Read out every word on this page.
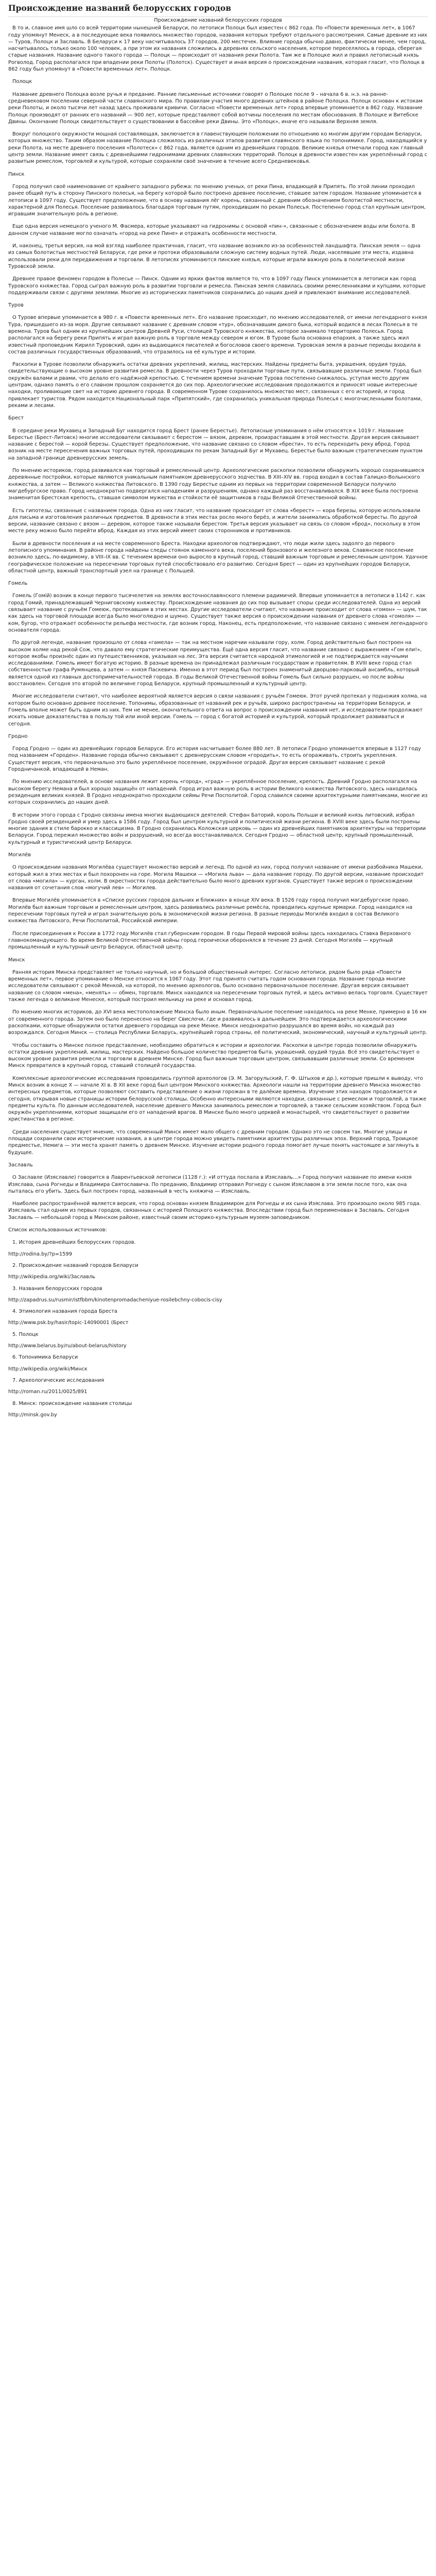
Происхождение названий белорусских городов
Происхождение названий белорусских городов

В то и, славное имя шло со всей территории нынешней Беларуси, по летописи Полоцк был известен с 862 года. По «Повести временных лет», в 1067 году упомянут Менеск, а в последующие века появилось множество городов, названия которых требуют отдельного рассмотрения. Самые древние из них — Туров, Полоцк и Заславль. В Беларуси к 17 веку насчитывалось 37 городов, 200 местечек. Влияние города обычно давно, фактически менее, чем город, насчитывалось только около 100 человек, а при этом их названия сложились в деревнях сельского населения, которое переселялось в города, сберегая старые названия. Название одного такого города — Полоцк — происходит от названия реки Полота. Там же в Полоцке жил и правил летописный князь Рогволод. Город располагался при впадении реки Полоты (Полотск). Существует и иная версия о происхождении названия, которая гласит, что Полоцк в 862 году был упомянут в «Повести временных лет». Полоцк.

Полоцк

Название древнего Полоцка возле ручья и предание. Ранние письменные источники говорят о Полоцке после 9 – начала 6 в. н.э. на ранне-средневековом поселении северной части славянского мира. По правилам участия много древних штейнов в районе Полоцка. Полоцк основан к истокам реки Полоты, и около тысячи лет назад здесь проживали кривичи. Согласно «Повести временных лет» город впервые упоминается в 862 году. Название Полоцк производят от ранних его названий — 900 лет, которые представляют собой вотчины поселения по местам обоснования. В Полоцке и Витебске Двины. Окончание Полоцк свидетельствует о существовании в бассейне реки Двины. Это «Полоцк», иначе его называли Верхняя земля.

Вокруг полоцкого окружности мощная составляющая, заключается в главенствующем положении по отношению ко многим другим городам Беларуси, которых множество. Таким образом название Полоцка сложилось из различных этапов развития славянского языка по топонимике. Город, находящийся у реки Полота, на месте древнего поселения «Полотеск» с 862 года, является одним из древнейших городов. Великие князья отмечали город как главный центр земли. Название имеет связь с древнейшими гидронимами древних славянских территорий. Полоцк в древности известен как укреплённый город с развитым ремеслом, торговлей и культурой, которые сохраняли своё значение в течение всего Средневековья.

Пинск

Город получил своё наименование от крайнего западного рубежа: по мнению ученых, от реки Пина, впадающей в Припять. По этой линии проходил ранее общий путь в сторону Пинского полесья, на берегу которой было построено древнее поселение, ставшее затем городом. Название упоминается в летописи в 1097 году. Существует предположение, что в основу названия лёг корень, связанный с древним обозначением болотистой местности, характерной для Полесья. Поселение развивалось благодаря торговым путям, проходившим по рекам Полесья. Постепенно город стал крупным центром, игравшим значительную роль в регионе.

Еще одна версия немецкого ученого М. Фасмера, которые указывают на гидронимы с основой «пин-», связанные с обозначением воды или болота. В данном случае название могло означать «город на реке Пине» и отражать особенности местности.

И, наконец, третья версия, на мой взгляд наиболее практичная, гласит, что название возникло из-за особенностей ландшафта. Пинская земля — одна из самых болотистых местностей Беларуси, где реки и протоки образовывали сложную систему водных путей. Люди, населявшие эти места, издавна использовали реки для передвижения и торговли. В летописях упоминаются пинские князья, которые играли важную роль в политической жизни Туровской земли.

Древнее правое феномен городом в Полесье — Пинск. Одним из ярких фактов является то, что в 1097 году Пинск упоминается в летописи как город Туровского княжества. Город сыграл важную роль в развитии торговли и ремесла. Пинская земля славилась своими ремесленниками и купцами, которые поддерживали связи с другими землями. Многие из исторических памятников сохранились до наших дней и привлекают внимание исследователей.

Туров

О Турове впервые упоминается в 980 г. в «Повести временных лет». Его название происходит, по мнению исследователей, от имени легендарного князя Тура, пришедшего из-за моря. Другие связывают название с древним словом «тур», обозначавшим дикого быка, который водился в лесах Полесья в те времена. Туров был одним из крупнейших центров Древней Руси, столицей Туровского княжества, которое занимало территорию Полесья. Город располагался на берегу реки Припять и играл важную роль в торговле между севером и югом. В Турове была основана епархия, а также здесь жил известный проповедник Кирилл Туровский, один из выдающихся писателей и богословов своего времени. Туровская земля в разные периоды входила в состав различных государственных образований, что отразилось на её культуре и истории.

Раскопки в Турове позволили обнаружить остатки древних укреплений, жилищ, мастерских. Найдены предметы быта, украшения, орудия труда, свидетельствующие о высоком уровне развития ремесла. В древности через Туров проходили торговые пути, связывавшие различные земли. Город был окружён валами и рвами, что делало его надёжной крепостью. С течением времени значение Турова постепенно снижалось, уступая место другим центрам, однако память о его славном прошлом сохраняется до сих пор. Археологические исследования продолжаются и приносят новые интересные находки, проливающие свет на историю древнего города. В современном Турове сохранилось множество мест, связанных с его историей, и город привлекает туристов. Рядом находится Национальный парк «Припятский», где сохранилась уникальная природа Полесья с многочисленными болотами, реками и лесами.

Брест

В середине реки Мухавец и Западный Буг находится город Брест (ранее Берестье). Летописные упоминания о нём относятся к 1019 г. Название Берестье (Брест-Литовск) многие исследователи связывают с берестом — вязом, деревом, произраставшим в этой местности. Другая версия связывает название с берестой — корой березы. Существует предположение, что название связано со словом «брести», то есть переходить реку вброд. Город возник на месте пересечения важных торговых путей, проходивших по рекам Западный Буг и Мухавец. Берестье было важным стратегическим пунктом на западной границе древнерусских земель.

По мнению историков, город развивался как торговый и ремесленный центр. Археологические раскопки позволили обнаружить хорошо сохранившиеся деревянные постройки, которые являются уникальным памятником древнерусского зодчества. В XIII–XIV вв. город входил в состав Галицко-Волынского княжества, а затем — Великого княжества Литовского. В 1390 году Берестье одним из первых на территории современной Беларуси получило магдебургское право. Город неоднократно подвергался нападениям и разрушениям, однако каждый раз восстанавливался. В XIX веке была построена знаменитая Брестская крепость, ставшая символом мужества и стойкости её защитников в годы Великой Отечественной войны.

Есть гипотезы, связанные с названием города. Одна из них гласит, что название происходит от слова «берест» — кора березы, которую использовали для письма и изготовления различных предметов. В древности в этих местах росло много берёз, и жители занимались обработкой бересты. По другой версии, название связано с вязом — деревом, которое также называли берестом. Третья версия указывает на связь со словом «брод», поскольку в этом месте реку можно было перейти вброд. Каждая из этих версий имеет своих сторонников и противников.

Были в древности поселения и на месте современного Бреста. Находки археологов подтверждают, что люди жили здесь задолго до первого летописного упоминания. В районе города найдены следы стоянок каменного века, поселений бронзового и железного веков. Славянское поселение возникло здесь, по-видимому, в VIII–IX вв. С течением времени оно выросло в крупный город, ставший важным торговым и ремесленным центром. Удачное географическое положение на пересечении торговых путей способствовало его развитию. Сегодня Брест — один из крупнейших городов Беларуси, областной центр, важный транспортный узел на границе с Польшей.

Гомель

Гомель (Гомій) возник в конце первого тысячелетия на землях восточнославянского племени радимичей. Впервые упоминается в летописи в 1142 г. как город Гомий, принадлежавший Черниговскому княжеству. Происхождение названия до сих пор вызывает споры среди исследователей. Одна из версий связывает название с ручьём Гомеюк, протекавшим в этих местах. Другие исследователи считают, что название происходит от слова «гомон» — шум, так как здесь на торговой площади всегда было многолюдно и шумно. Существует также версия о происхождении названия от древнего слова «гомоля» — ком, бугор, что отражает особенности рельефа местности, где возник город. Наконец, есть предположение, что название связано с именем легендарного основателя города.

По другой легенде, название произошло от слова «гамела» — так на местном наречии называли гору, холм. Город действительно был построен на высоком холме над рекой Сож, что давало ему стратегические преимущества. Ещё одна версия гласит, что название связано с выражением «Гом ели!», которое якобы произнёс один из путешественников, указывая на лес. Эта версия считается народной этимологией и не подтверждается научными исследованиями. Гомель имеет богатую историю. В разные времена он принадлежал различным государствам и правителям. В XVIII веке город стал собственностью графа Румянцева, а затем — князя Паскевича. Именно в этот период был построен знаменитый дворцово-парковый ансамбль, который является одной из главных достопримечательностей города. В годы Великой Отечественной войны Гомель был сильно разрушен, но после войны восстановлен. Сегодня это второй по величине город Беларуси, крупный промышленный и культурный центр.

Многие исследователи считают, что наиболее вероятной является версия о связи названия с ручьём Гомеюк. Этот ручей протекал у подножия холма, на котором было основано древнее поселение. Топонимы, образованные от названий рек и ручьёв, широко распространены на территории Беларуси, и Гомель вполне может быть одним из них. Тем не менее, окончательного ответа на вопрос о происхождении названия нет, и исследователи продолжают искать новые доказательства в пользу той или иной версии. Гомель — город с богатой историей и культурой, который продолжает развиваться и сегодня.

Гродно

Город Гродно — один из древнейших городов Беларуси. Его история насчитывает более 880 лет. В летописи Гродно упоминается впервые в 1127 году под названием «Городен». Название города обычно связывают с древнерусским словом «городить», то есть огораживать, строить укрепления. Существует версия, что первоначально это было укреплённое поселение, окружённое оградой. Другая версия связывает название с рекой Городничанкой, впадающей в Неман.

По мнению исследователей, в основе названия лежит корень «город», «град» — укреплённое поселение, крепость. Древний Гродно располагался на высоком берегу Немана и был хорошо защищён от нападений. Город играл важную роль в истории Великого княжества Литовского, здесь находилась резиденция великих князей. В Гродно неоднократно проходили сеймы Речи Посполитой. Город славился своими архитектурными памятниками, многие из которых сохранились до наших дней.

В истории этого города с Гродно связаны имена многих выдающихся деятелей. Стефан Баторий, король Польши и великий князь литовский, избрал Гродно своей резиденцией и умер здесь в 1586 году. Город был центром культурной и политической жизни региона. В XVIII веке здесь были построены многие здания в стиле барокко и классицизма. В Гродно сохранилась Коложская церковь — один из древнейших памятников архитектуры на территории Беларуси. Город пережил множество войн и разрушений, но всегда восстанавливался. Сегодня Гродно — областной центр, крупный промышленный, культурный и туристический центр Беларуси.

Могилёв

О происхождении названия Могилёва существует множество версий и легенд. По одной из них, город получил название от имени разбойника Машеки, который жил в этих местах и был похоронен на горе. Могила Машеки — «Могила льва» — дала название городу. По другой версии, название происходит от слова «могила» — курган, холм. В окрестностях города действительно было много древних курганов. Существует также версия о происхождении названия от сочетания слов «могучий лев» — Могилев.

Впервые Могилёв упоминается в «Списке русских городов дальних и ближних» в конце XIV века. В 1526 году город получил магдебургское право. Могилёв был важным торговым и ремесленным центром, здесь развивались различные ремёсла, проводились крупные ярмарки. Город находился на пересечении торговых путей и играл значительную роль в экономической жизни региона. В разные периоды Могилёв входил в состав Великого княжества Литовского, Речи Посполитой, Российской империи.

После присоединения к России в 1772 году Могилёв стал губернским городом. В годы Первой мировой войны здесь находилась Ставка Верховного главнокомандующего. Во время Великой Отечественной войны город героически оборонялся в течение 23 дней. Сегодня Могилёв — крупный промышленный и культурный центр Беларуси, областной центр.

Минск

Ранняя история Минска представляет не только научный, но и большой общественный интерес. Согласно летописи, рядом было ряда «Повести временных лет», первое упоминание о Менске относится к 1067 году. Этот год принято считать годом основания города. Название города многие исследователи связывают с рекой Менкой, на которой, по мнению археологов, было основано первоначальное поселение. Другая версия связывает название со словом «мена», «менять» — обмен, торговля. Минск находился на пересечении торговых путей, и здесь активно велась торговля. Существует также легенда о великане Менеске, который построил мельницу на реке и основал город.

По мнению многих историков, до XVI века местоположение Минска было иным. Первоначальное поселение находилось на реке Менке, примерно в 16 км от современного города. Затем оно было перенесено на берег Свислочи, где и развивалось в дальнейшем. Это подтверждается археологическими раскопками, которые обнаружили остатки древнего городища на реке Менке. Минск неоднократно разрушался во время войн, но каждый раз возрождался. Сегодня Минск — столица Республики Беларусь, крупнейший город страны, её политический, экономический, научный и культурный центр.

Чтобы составить о Минске полное представление, необходимо обратиться к истории и археологии. Раскопки в центре города позволили обнаружить остатки древних укреплений, жилищ, мастерских. Найдено большое количество предметов быта, украшений, орудий труда. Всё это свидетельствует о высоком уровне развития ремесла и торговли в древнем Минске. Город был важным торговым центром, связывавшим различные земли. Со временем Минск превратился в крупный город, ставший столицей государства.

Комплексные археологические исследования проводились группой археологов (Э. М. Загорульский, Г. Ф. Штыхов и др.), которые пришли к выводу, что Минск возник в конце X — начале XI в. В XII веке город был центром Минского княжества. Археологи нашли на территории древнего Минска множество интересных предметов, которые позволяют составить представление о жизни горожан в те далёкие времена. Изучение этих находок продолжается и сегодня, открывая новые страницы истории белорусской столицы. Особенно интересными являются находки, связанные с ремеслом и торговлей, а также предметы культа. По данным исследователей, население древнего Минска занималось ремеслом и торговлей, а также сельским хозяйством. Город был окружён укреплениями, которые защищали его от нападений врагов. В Минске было много церквей и монастырей, что свидетельствует о развитии христианства в регионе.

Среди населения существует мнение, что современный Минск имеет мало общего с древним городом. Однако это не совсем так. Многие улицы и площади сохранили свои исторические названия, а в центре города можно увидеть памятники архитектуры различных эпох. Верхний город, Троицкое предместье, Немига — эти места хранят память о древнем Минске. Изучение истории родного города помогает лучше понять настоящее и заглянуть в будущее.

Заславль

О Заславле (Изяславле) говорится в Лаврентьевской летописи (1128 г.): «И оттуда послала в Изяславль…» Город получил название по имени князя Изяслава, сына Рогнеды и Владимира Святославича. По преданию, Владимир отправил Рогнеду с сыном Изяславом в эти земли после того, как она пыталась его убить. Здесь был построен город, названный в честь княжича — Изяславль.

Наиболее распространённой является версия, что город основан князем Владимиром для Рогнеды и их сына Изяслава. Это произошло около 985 года. Изяславль стал одним из первых городов, связанных с историей Полоцкого княжества. Впоследствии город был переименован в Заславль. Сегодня Заславль — небольшой город в Минском районе, известный своим историко-культурным музеем-заповедником.

Список использованных источников:
1. История древнейших белорусских городов.
http://rodina.by/?p=1599
2. Происхождение названий городов Беларуси
http://wikipedia.org/wiki/Заславль
3. Названия белорусских городов
http://zapadrus.su/rusmir/istfbbm/kinotenpromadacheniyue-rosilebchny-cobocis-cisy
4. Этимология названия города Бреста
http://www.psk.by/hasir/topic-14090001 (Брест
5. Полоцк
http://www.belarus.by/ru/about-belarus/history
6. Топонимика Беларуси
http://wikipedia.org/wiki/Минск
7. Археологические исследования
http://roman.ru/2011/0025/891
8. Минск: происхождение названия столицы
http://minsk.gov.by
